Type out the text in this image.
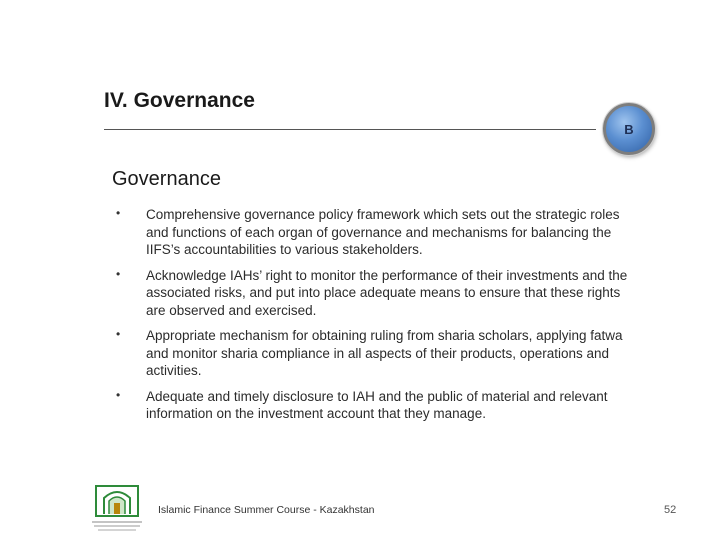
IV. Governance
B
Governance
• Comprehensive governance policy framework which sets out the strategic roles and functions of each organ of governance and mechanisms for balancing the IIFS’s accountabilities to various stakeholders.
• Acknowledge IAHs’ right to monitor the performance of their investments and the associated risks, and put into place adequate means to ensure that these rights are observed and exercised.
• Appropriate mechanism for obtaining ruling from sharia scholars, applying fatwa and monitor sharia compliance in all aspects of their products, operations and activities.
• Adequate and timely disclosure to IAH and the public of material and relevant information on the investment account that they manage.
Islamic Finance Summer Course - Kazakhstan	52
